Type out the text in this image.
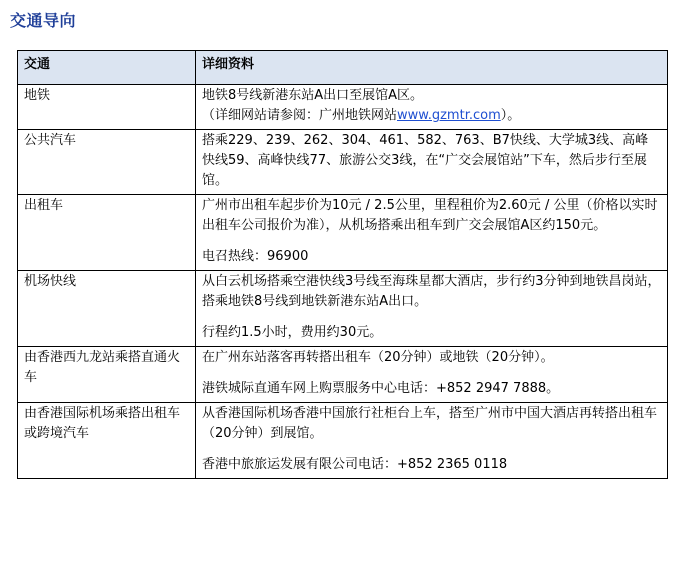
交通导向
交通	详细资料
地铁	地铁8号线新港东站A出口至展馆A区。
（详细网站请参阅：广州地铁网站www.gzmtr.com）。

公共汽车	搭乘229、239、262、304、461、582、763、B7快线、大学城3线、高峰快线59、高峰快线77、旅游公交3线，在“广交会展馆站”下车，然后步行至展馆。

出租车	广州市出租车起步价为10元 / 2.5公里，里程租价为2.60元 / 公里（价格以实时出租车公司报价为准），从机场搭乘出租车到广交会展馆A区约150元。
电召热线：96900

机场快线	从白云机场搭乘空港快线3号线至海珠星都大酒店，步行约3分钟到地铁昌岗站，搭乘地铁8号线到地铁新港东站A出口。
行程约1.5小时，费用约30元。

由香港西九龙站乘搭直通火车	在广州东站落客再转搭出租车（20分钟）或地铁（20分钟）。
港铁城际直通车网上购票服务中心电话：+852 2947 7888。

由香港国际机场乘搭出租车或跨境汽车	从香港国际机场香港中国旅行社柜台上车，搭至广州市中国大酒店再转搭出租车（20分钟）到展馆。
香港中旅旅运发展有限公司电话：+852 2365 0118
